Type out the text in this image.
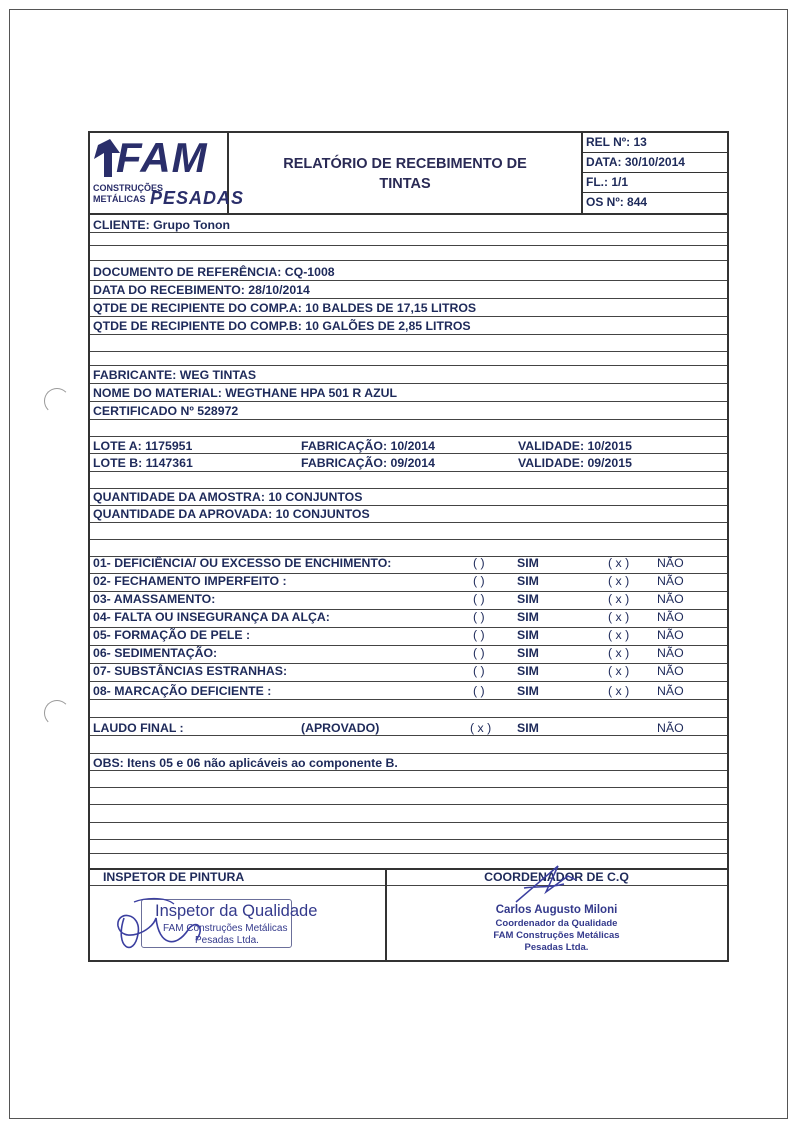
FAM
CONSTRUÇÕES
METÁLICAS PESADAS
RELATÓRIO DE RECEBIMENTO DE
TINTAS
REL Nº: 13
DATA: 30/10/2014
FL.: 1/1
OS Nº: 844
CLIENTE: Grupo Tonon
DOCUMENTO DE REFERÊNCIA: CQ-1008
DATA DO RECEBIMENTO: 28/10/2014
QTDE DE RECIPIENTE DO COMP.A: 10 BALDES DE 17,15 LITROS
QTDE DE RECIPIENTE DO COMP.B: 10 GALÕES DE 2,85 LITROS
FABRICANTE: WEG TINTAS
NOME DO MATERIAL: WEGTHANE HPA 501 R AZUL
CERTIFICADO Nº 528972
LOTE A: 1175951	FABRICAÇÃO: 10/2014	VALIDADE: 10/2015
LOTE B: 1147361	FABRICAÇÃO: 09/2014	VALIDADE: 09/2015
QUANTIDADE DA AMOSTRA: 10 CONJUNTOS
QUANTIDADE DA APROVADA: 10 CONJUNTOS
01- DEFICIÊNCIA/ OU EXCESSO DE ENCHIMENTO:	( )	SIM	( x ) NÃO
02- FECHAMENTO IMPERFEITO :	( )	SIM	( x ) NÃO
03- AMASSAMENTO:	( )	SIM	( x ) NÃO
04- FALTA OU INSEGURANÇA DA ALÇA:	( )	SIM	( x ) NÃO
05- FORMAÇÃO DE PELE :	( )	SIM	( x ) NÃO
06- SEDIMENTAÇÃO:	( )	SIM	( x ) NÃO
07- SUBSTÂNCIAS ESTRANHAS:	( )	SIM	( x ) NÃO
08- MARCAÇÃO DEFICIENTE :	( )	SIM	( x ) NÃO
LAUDO FINAL :	(APROVADO)	( x ) SIM	NÃO
OBS: Itens 05 e 06 não aplicáveis ao componente B.
INSPETOR DE PINTURA	COORDENADOR DE C.Q
Inspetor da Qualidade
FAM Construções Metálicas
Pesadas Ltda.
Carlos Augusto Miloni
Coordenador da Qualidade
FAM Construções Metálicas
Pesadas Ltda.
